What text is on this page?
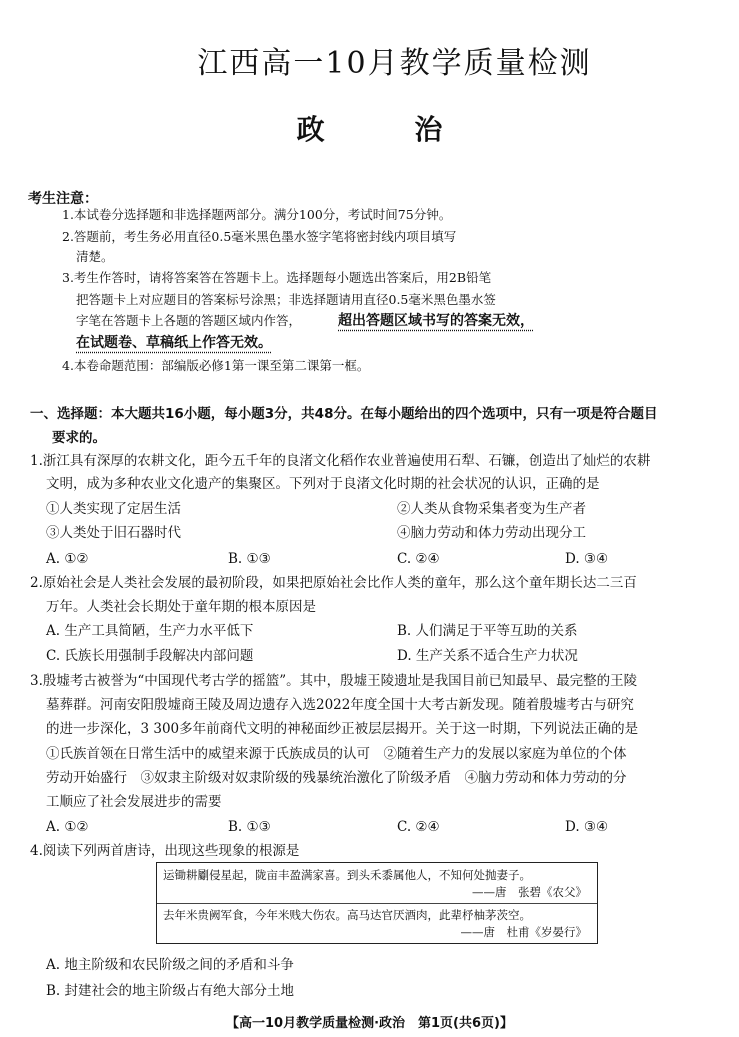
江西高一10月教学质量检测
政 治
考生注意：
1.本试卷分选择题和非选择题两部分。满分100分，考试时间75分钟。
2.答题前，考生务必用直径0.5毫米黑色墨水签字笔将密封线内项目填写
清楚。
3.考生作答时，请将答案答在答题卡上。选择题每小题选出答案后，用2B铅笔
把答题卡上对应题目的答案标号涂黑；非选择题请用直径0.5毫米黑色墨水签
字笔在答题卡上各题的答题区域内作答，	超出答题区域书写的答案无效，
在试题卷、草稿纸上作答无效。
4.本卷命题范围：部编版必修1第一课至第二课第一框。
一、选择题：本大题共16小题，每小题3分，共48分。在每小题给出的四个选项中，只有一项是符合题目
要求的。
1.浙江具有深厚的农耕文化，距今五千年的良渚文化稻作农业普遍使用石犁、石镰，创造出了灿烂的农耕
文明，成为多种农业文化遗产的集聚区。下列对于良渚文化时期的社会状况的认识，正确的是
①人类实现了定居生活	②人类从食物采集者变为生产者
③人类处于旧石器时代	④脑力劳动和体力劳动出现分工
A. ①②	B. ①③	C. ②④	D. ③④
2.原始社会是人类社会发展的最初阶段，如果把原始社会比作人类的童年，那么这个童年期长达二三百
万年。人类社会长期处于童年期的根本原因是
A. 生产工具简陋，生产力水平低下	B. 人们满足于平等互助的关系
C. 氏族长用强制手段解决内部问题	D. 生产关系不适合生产力状况
3.殷墟考古被誉为“中国现代考古学的摇篮”。其中，殷墟王陵遗址是我国目前已知最早、最完整的王陵
墓葬群。河南安阳殷墟商王陵及周边遗存入选2022年度全国十大考古新发现。随着殷墟考古与研究
的进一步深化，3 300多年前商代文明的神秘面纱正被层层揭开。关于这一时期，下列说法正确的是
①氏族首领在日常生活中的威望来源于氏族成员的认可　②随着生产力的发展以家庭为单位的个体
劳动开始盛行　③奴隶主阶级对奴隶阶级的残暴统治激化了阶级矛盾　④脑力劳动和体力劳动的分
工顺应了社会发展进步的需要
A. ①②	B. ①③	C. ②④	D. ③④
4.阅读下列两首唐诗，出现这些现象的根源是
运锄耕劚侵星起，陇亩丰盈满家喜。到头禾黍属他人，不知何处抛妻子。
——唐　张碧《农父》
去年米贵阙军食，今年米贱大伤农。高马达官厌酒肉，此辈杼柚茅茨空。
——唐　杜甫《岁晏行》
A. 地主阶级和农民阶级之间的矛盾和斗争
B. 封建社会的地主阶级占有绝大部分土地
【高一10月教学质量检测·政治　第1页(共6页)】
